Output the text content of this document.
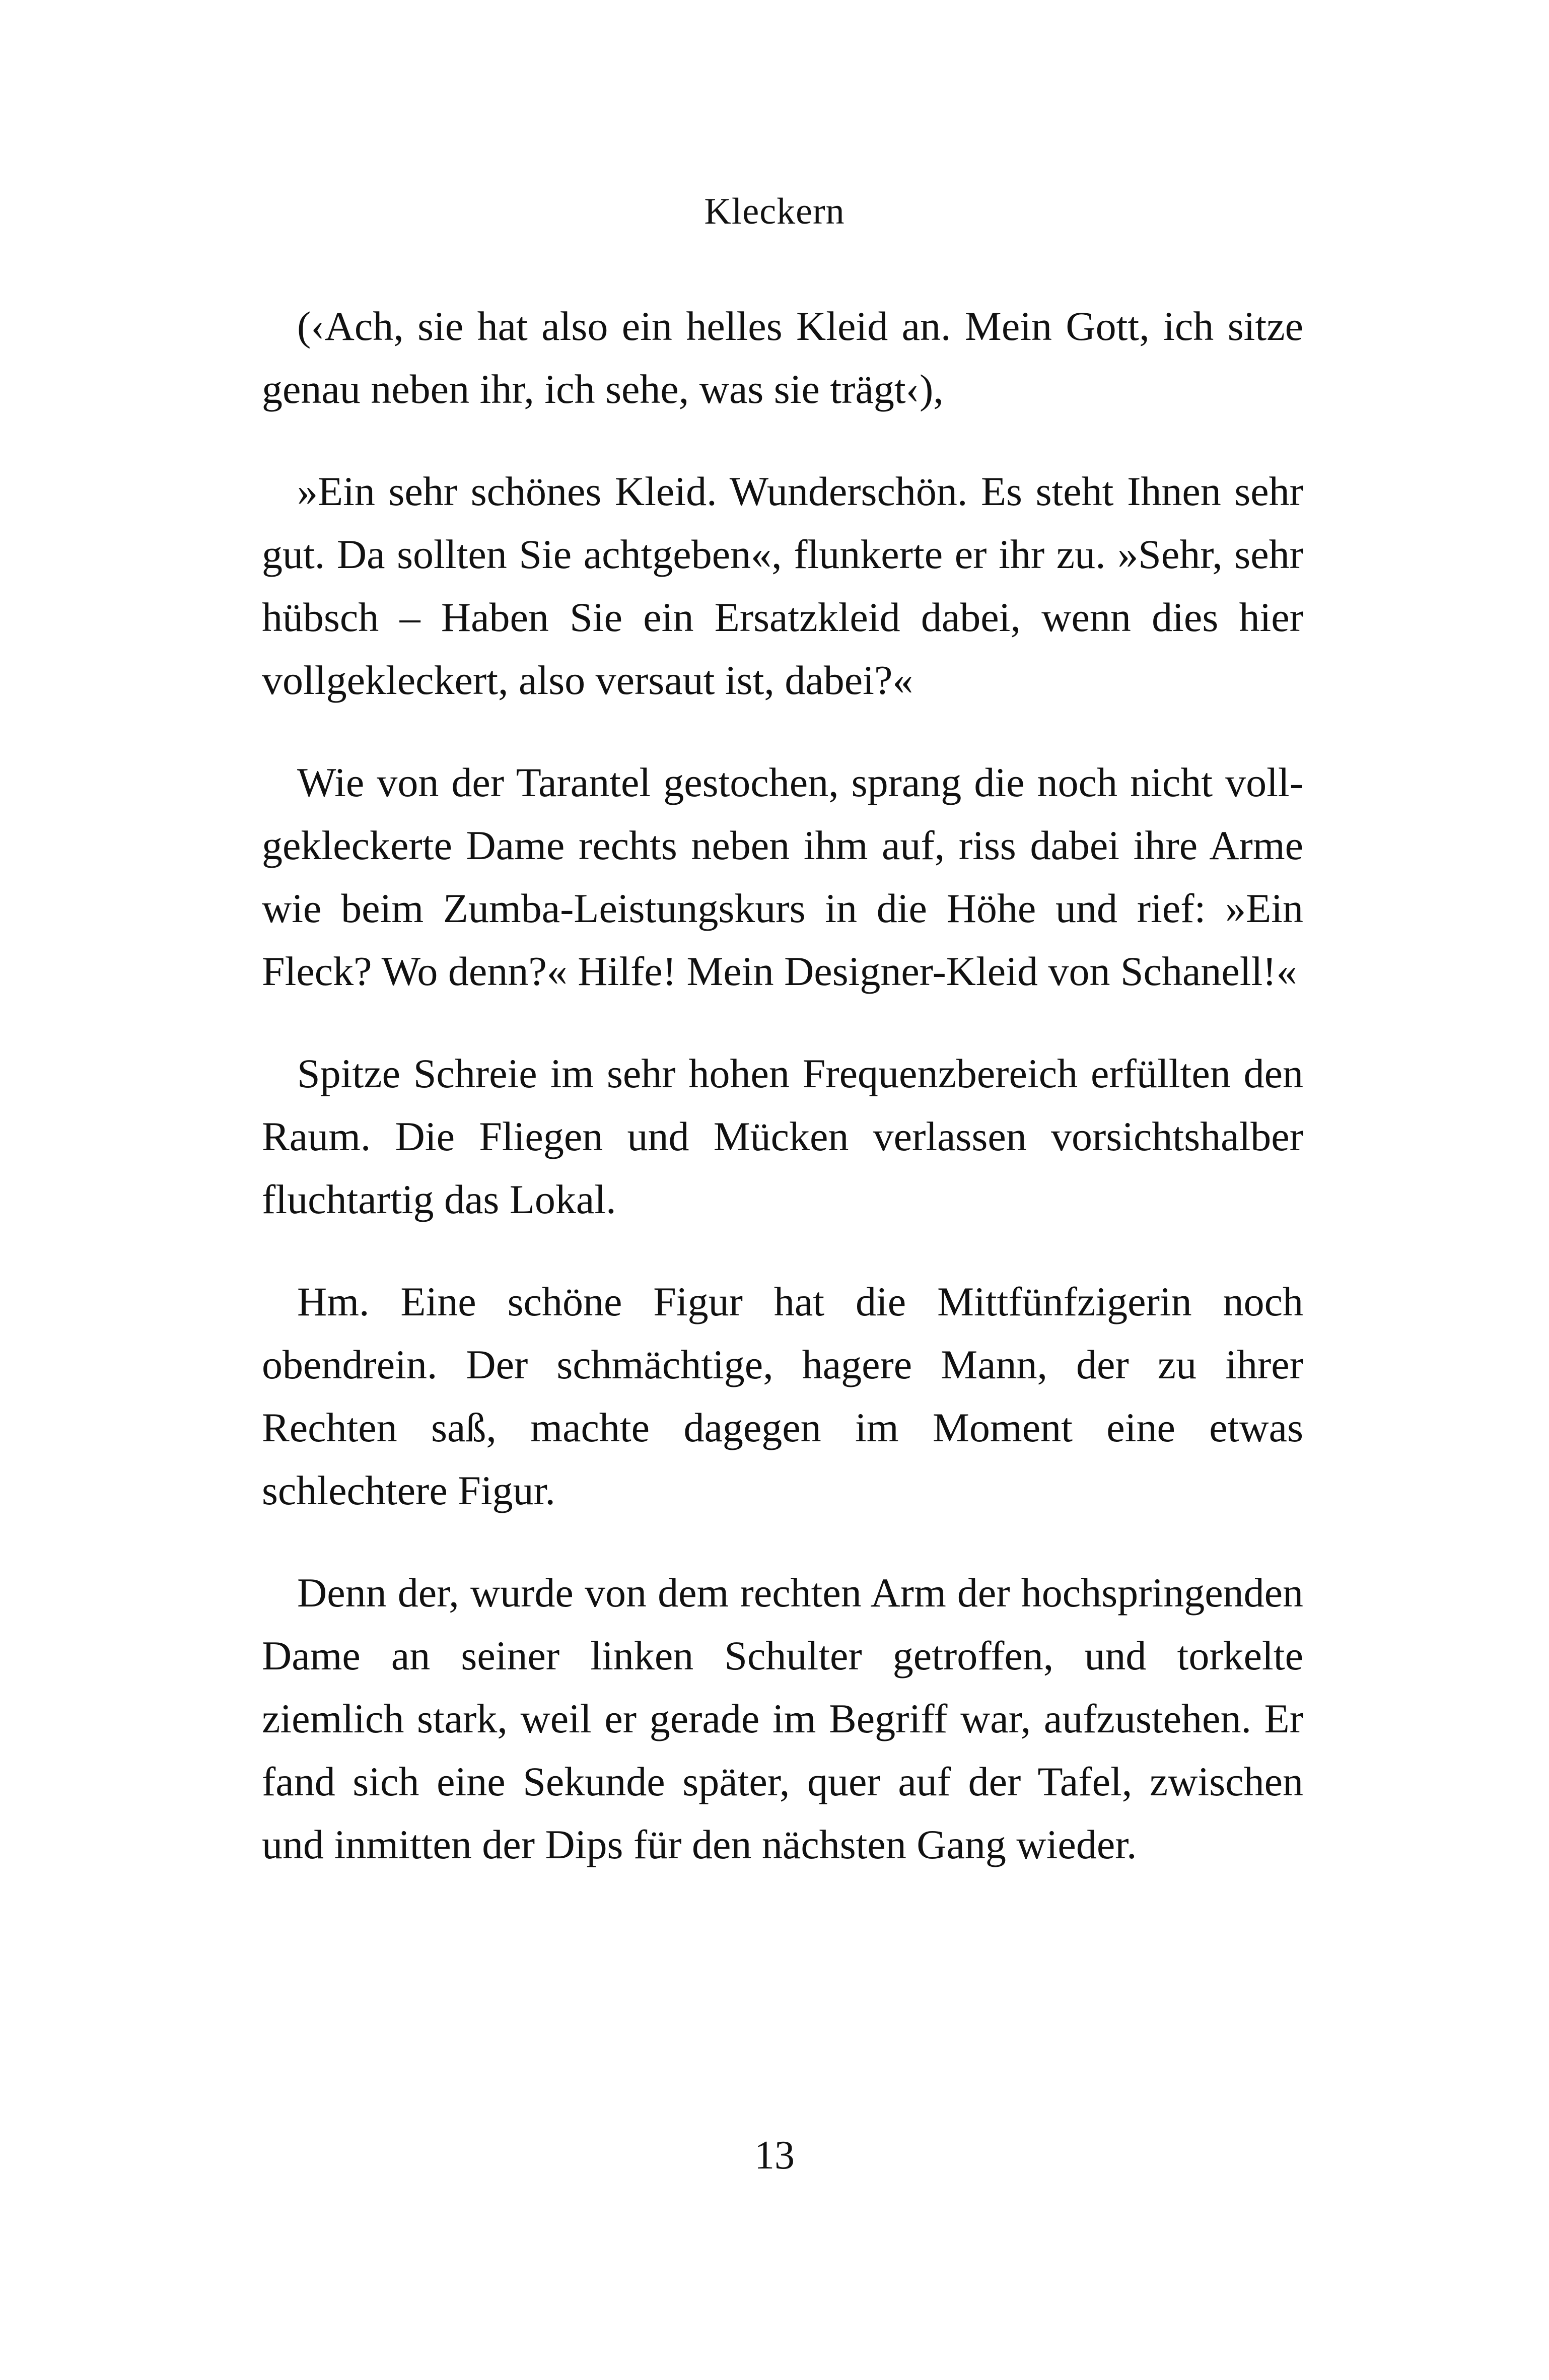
Kleckern

(‹Ach, sie hat also ein helles Kleid an. Mein Gott, ich sitze genau neben ihr, ich sehe, was sie trägt‹),

»Ein sehr schönes Kleid. Wunderschön. Es steht Ihnen sehr gut. Da sollten Sie achtgeben«, flunkerte er ihr zu. »Sehr, sehr hübsch – Haben Sie ein Ersatzkleid dabei, wenn dies hier vollgekleckert, also versaut ist, dabei?«

Wie von der Tarantel gestochen, sprang die noch nicht vollgekleckerte Dame rechts neben ihm auf, riss dabei ihre Arme wie beim Zumba-Leistungskurs in die Höhe und rief: »Ein Fleck? Wo denn?« Hilfe! Mein Designer-Kleid von Schanell!«

Spitze Schreie im sehr hohen Frequenzbereich erfüllten den Raum. Die Fliegen und Mücken verlassen vorsichtshalber fluchtartig das Lokal.

Hm. Eine schöne Figur hat die Mittfünfzigerin noch obendrein. Der schmächtige, hagere Mann, der zu ihrer Rechten saß, machte dagegen im Moment eine etwas schlechtere Figur.

Denn der, wurde von dem rechten Arm der hochspringenden Dame an seiner linken Schulter getroffen, und torkelte ziemlich stark, weil er gerade im Begriff war, aufzustehen. Er fand sich eine Sekunde später, quer auf der Tafel, zwischen und inmitten der Dips für den nächsten Gang wieder.

13
